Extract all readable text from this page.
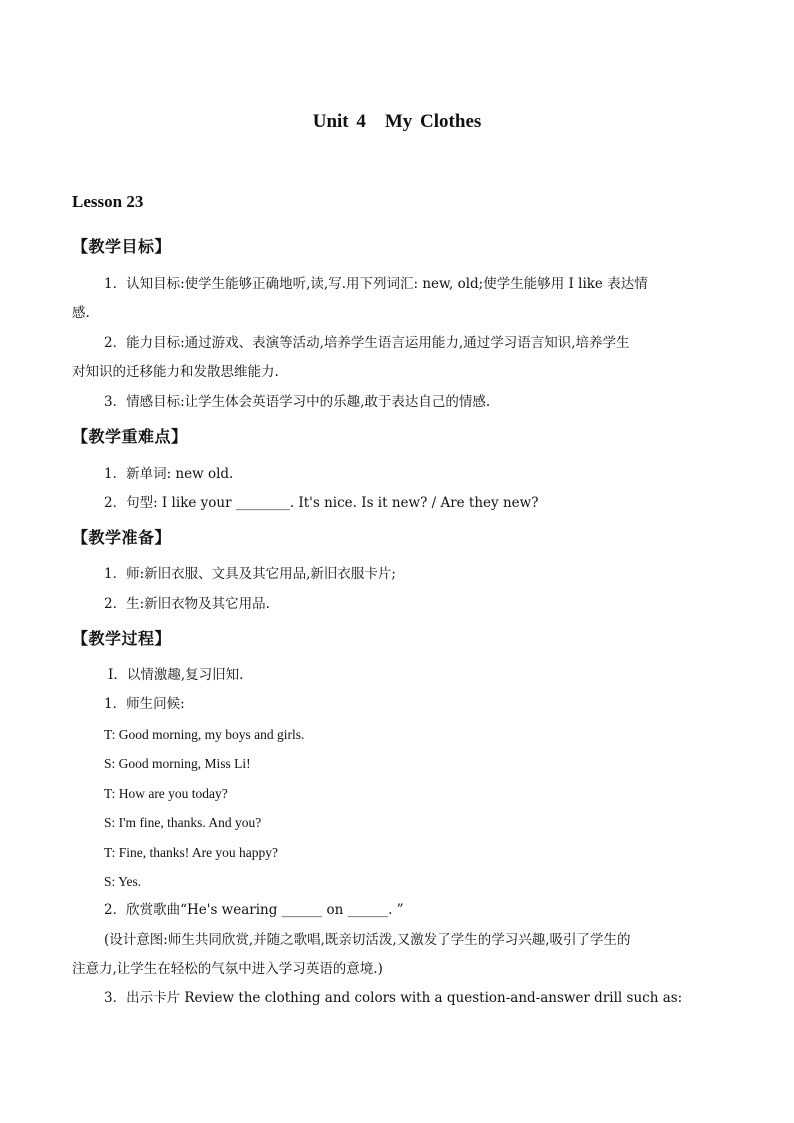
Unit 4　My Clothes
Lesson 23
【教学目标】
1．认知目标:使学生能够正确地听,读,写.用下列词汇: new, old;使学生能够用 I like 表达情
感.
2．能力目标:通过游戏、表演等活动,培养学生语言运用能力,通过学习语言知识,培养学生
对知识的迁移能力和发散思维能力.
3．情感目标:让学生体会英语学习中的乐趣,敢于表达自己的情感.
【教学重难点】
1．新单词: new old.
2．句型: I like your ________. It's nice. Is it new? / Are they new?
【教学准备】
1．师:新旧衣服、文具及其它用品,新旧衣服卡片;
2．生:新旧衣物及其它用品.
【教学过程】
Ⅰ．以情激趣,复习旧知.
1．师生问候:
T: Good morning, my boys and girls.
S: Good morning, Miss Li!
T: How are you today?
S: I'm fine, thanks. And you?
T: Fine, thanks! Are you happy?
S: Yes.
2．欣赏歌曲“He's wearing ______ on ______. ”
(设计意图:师生共同欣赏,并随之歌唱,既亲切活泼,又激发了学生的学习兴趣,吸引了学生的
注意力,让学生在轻松的气氛中进入学习英语的意境.)
3．出示卡片 Review the clothing and colors with a question-and-answer drill such as:
